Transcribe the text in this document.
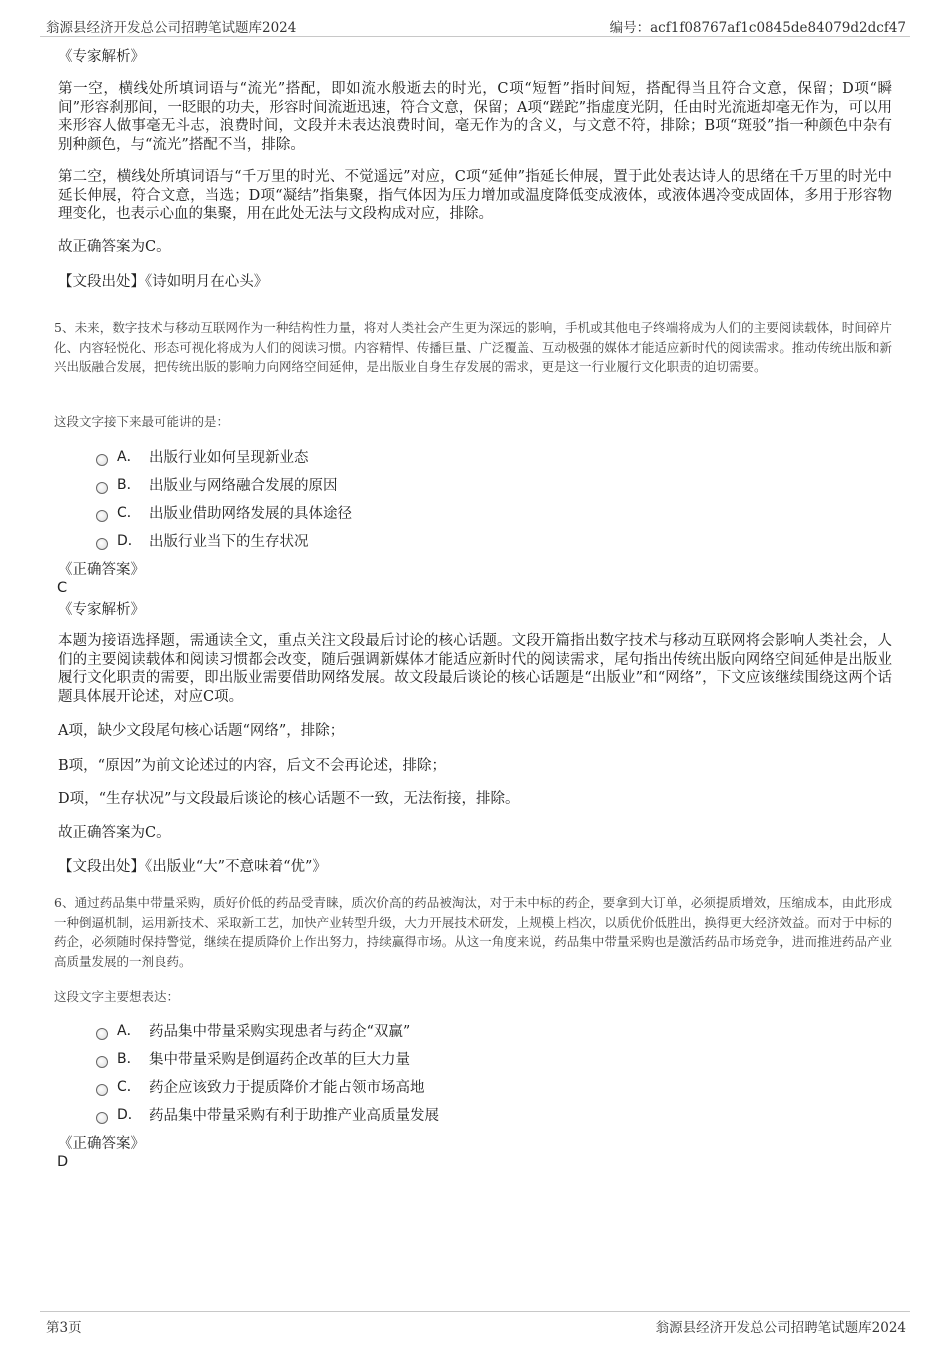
翁源县经济开发总公司招聘笔试题库2024	编号：acf1f08767af1c0845de84079d2dcf47

《专家解析》

第一空，横线处所填词语与“流光”搭配，即如流水般逝去的时光，C项“短暂”指时间短，搭配得当且符合文意，保留；D项“瞬间”形容刹那间，一眨眼的功夫，形容时间流逝迅速，符合文意，保留；A项“蹉跎”指虚度光阴，任由时光流逝却毫无作为，可以用来形容人做事毫无斗志，浪费时间，文段并未表达浪费时间，毫无作为的含义，与文意不符，排除；B项“斑驳”指一种颜色中杂有别种颜色，与“流光”搭配不当，排除。

第二空，横线处所填词语与“千万里的时光、不觉遥远”对应，C项“延伸”指延长伸展，置于此处表达诗人的思绪在千万里的时光中延长伸展，符合文意，当选；D项“凝结”指集聚，指气体因为压力增加或温度降低变成液体，或液体遇冷变成固体，多用于形容物理变化，也表示心血的集聚，用在此处无法与文段构成对应，排除。

故正确答案为C。

【文段出处】《诗如明月在心头》

5、未来，数字技术与移动互联网作为一种结构性力量，将对人类社会产生更为深远的影响，手机或其他电子终端将成为人们的主要阅读载体，时间碎片化、内容轻悦化、形态可视化将成为人们的阅读习惯。内容精悍、传播巨量、广泛覆盖、互动极强的媒体才能适应新时代的阅读需求。推动传统出版和新兴出版融合发展，把传统出版的影响力向网络空间延伸，是出版业自身生存发展的需求，更是这一行业履行文化职责的迫切需要。

这段文字接下来最可能讲的是：

A． 出版行业如何呈现新业态
B． 出版业与网络融合发展的原因
C． 出版业借助网络发展的具体途径
D． 出版行业当下的生存状况

《正确答案》

C

《专家解析》

本题为接语选择题，需通读全文，重点关注文段最后讨论的核心话题。文段开篇指出数字技术与移动互联网将会影响人类社会，人们的主要阅读载体和阅读习惯都会改变，随后强调新媒体才能适应新时代的阅读需求，尾句指出传统出版向网络空间延伸是出版业履行文化职责的需要，即出版业需要借助网络发展。故文段最后谈论的核心话题是“出版业”和“网络”，下文应该继续围绕这两个话题具体展开论述，对应C项。

A项，缺少文段尾句核心话题“网络”，排除；

B项，“原因”为前文论述过的内容，后文不会再论述，排除；

D项，“生存状况”与文段最后谈论的核心话题不一致，无法衔接，排除。

故正确答案为C。

【文段出处】《出版业“大”不意味着“优”》

6、通过药品集中带量采购，质好价低的药品受青睐，质次价高的药品被淘汰，对于未中标的药企，要拿到大订单，必须提质增效，压缩成本，由此形成一种倒逼机制，运用新技术、采取新工艺，加快产业转型升级，大力开展技术研发，上规模上档次，以质优价低胜出，换得更大经济效益。而对于中标的药企，必须随时保持警觉，继续在提质降价上作出努力，持续赢得市场。从这一角度来说，药品集中带量采购也是激活药品市场竞争，进而推进药品产业高质量发展的一剂良药。

这段文字主要想表达：

A． 药品集中带量采购实现患者与药企“双赢”
B． 集中带量采购是倒逼药企改革的巨大力量
C． 药企应该致力于提质降价才能占领市场高地
D． 药品集中带量采购有利于助推产业高质量发展

《正确答案》

D

第3页	翁源县经济开发总公司招聘笔试题库2024
